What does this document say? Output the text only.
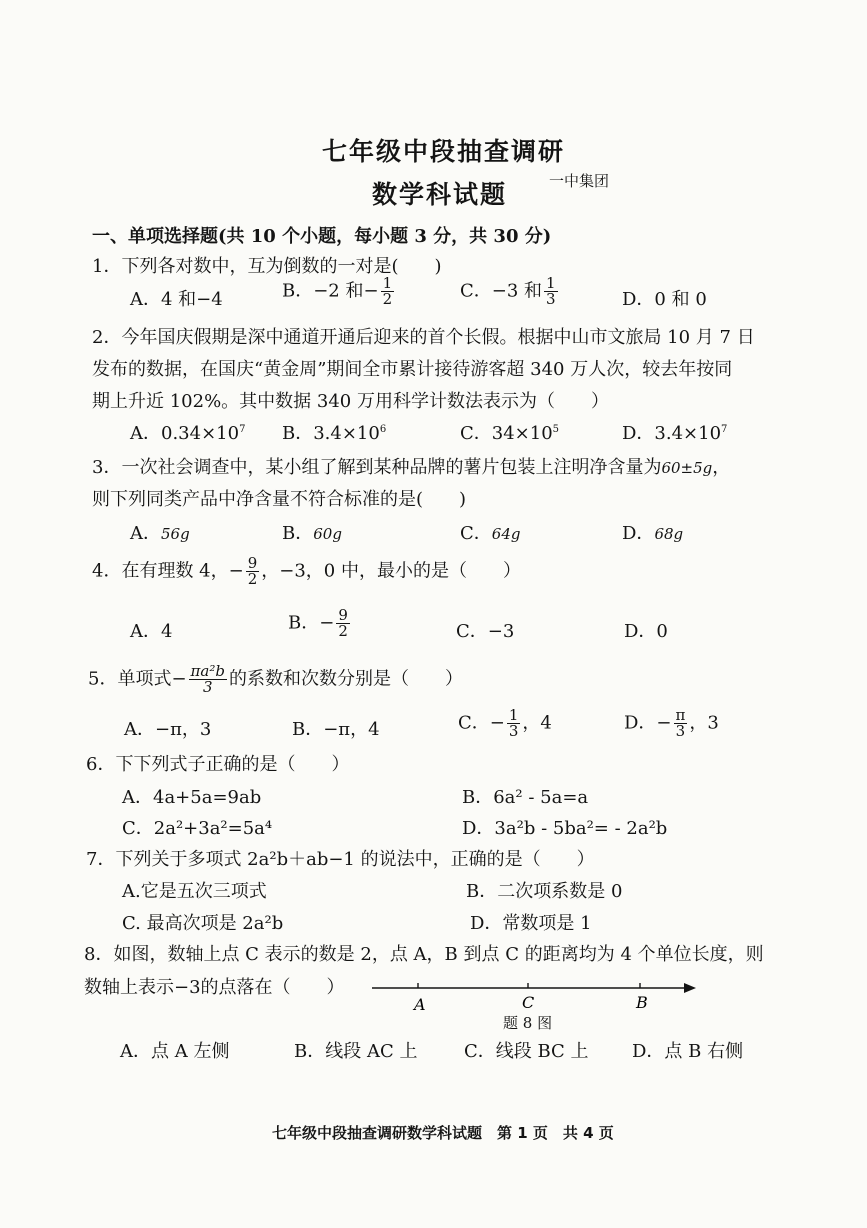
七年级中段抽查调研
数学科试题	一中集团
一、单项选择题(共 10 个小题，每小题 3 分，共 30 分)
1．下列各对数中，互为倒数的一对是(　　)
A．4 和−4	B．−2 和− $\frac{1}{2}$	C．−3 和 $\frac{1}{3}$	D．0 和 0
2．今年国庆假期是深中通道开通后迎来的首个长假。根据中山市文旅局 10 月 7 日
发布的数据，在国庆“黄金周”期间全市累计接待游客超 340 万人次，较去年按同
期上升近 102%。其中数据 340 万用科学计数法表示为（　　）
A．$0.34\times 10^7$ B．$3.4\times 10^6$	C．$34\times 10^5$	D．$3.4\times 10^7$
3．一次社会调查中，某小组了解到某种品牌的薯片包装上注明净含量为60±5g，
则下列同类产品中净含量不符合标准的是(　　)
A．56g	B．60g	C．64g	D．68g
4．在有理数 4，− $\frac{9}{2}$ ，−3，0 中，最小的是（　　）
A．4	B．− $\frac{9}{2}$	C．−3	D．0
5．单项式− $\frac{\text{πa²b}}{3}$ 的系数和次数分别是（　　）
A．−π，3	B．−π，4	C．− $\frac{1}{3}$ ，4	D．− $\frac{\pi}{3}$ ，3
6．下下列式子正确的是（　　）
A．4a+5a=9ab	B．6a² - 5a=a
C．2a²+3a²=5a⁴	D．3a²b - 5ba²= - 2a²b
7．下列关于多项式 2a²b＋ab−1 的说法中，正确的是（　　）
A.它是五次三项式	B．二次项系数是 0
C. 最高次项是 2a²b	D．常数项是 1
8．如图，数轴上点 C 表示的数是 2，点 A，B 到点 C 的距离均为 4 个单位长度，则
数轴上表示−3的点落在（　　）
A	C	B
题 8 图
A．点 A 左侧	B．线段 AC 上	C．线段 BC 上 D．点 B 右侧
七年级中段抽查调研数学科试题　第 1 页　共 4 页
